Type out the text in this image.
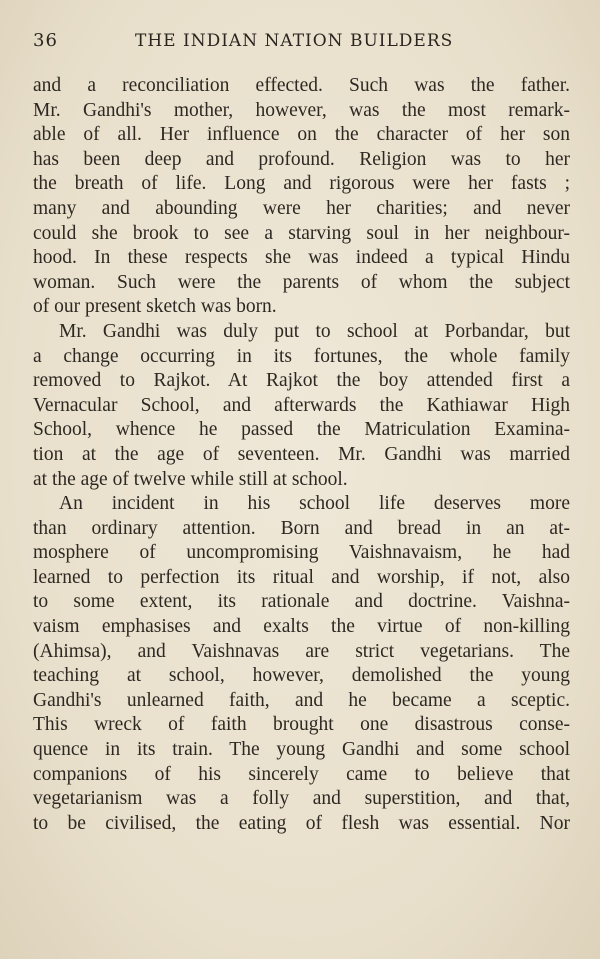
36	THE INDIAN NATION BUILDERS
and a reconciliation effected. Such was the father.
Mr. Gandhi's mother, however, was the most remark-
able of all. Her influence on the character of her son
has been deep and profound. Religion was to her
the breath of life. Long and rigorous were her fasts ;
many and abounding were her charities; and never
could she brook to see a starving soul in her neighbour-
hood. In these respects she was indeed a typical Hindu
woman. Such were the parents of whom the subject
of our present sketch was born.
Mr. Gandhi was duly put to school at Porbandar, but
a change occurring in its fortunes, the whole family
removed to Rajkot. At Rajkot the boy attended first a
Vernacular School, and afterwards the Kathiawar High
School, whence he passed the Matriculation Examina-
tion at the age of seventeen. Mr. Gandhi was married
at the age of twelve while still at school.
An incident in his school life deserves more
than ordinary attention. Born and bread in an at-
mosphere of uncompromising Vaishnavaism, he had
learned to perfection its ritual and worship, if not, also
to some extent, its rationale and doctrine. Vaishna-
vaism emphasises and exalts the virtue of non-killing
(Ahimsa), and Vaishnavas are strict vegetarians. The
teaching at school, however, demolished the young
Gandhi's unlearned faith, and he became a sceptic.
This wreck of faith brought one disastrous conse-
quence in its train. The young Gandhi and some school
companions of his sincerely came to believe that
vegetarianism was a folly and superstition, and that,
to be civilised, the eating of flesh was essential. Nor
